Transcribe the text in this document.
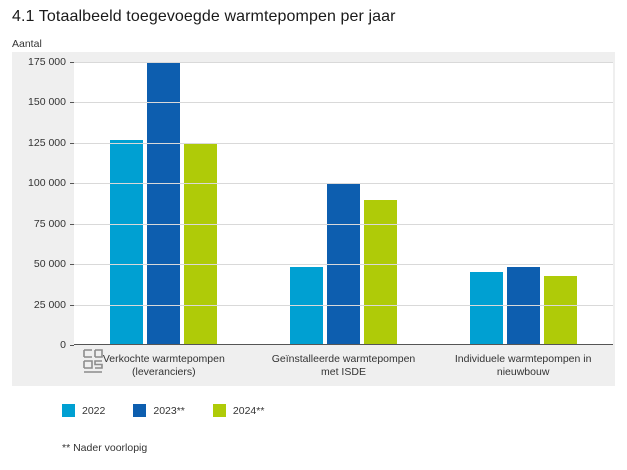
4.1 Totaalbeeld toegevoegde warmtepompen per jaar
Aantal
0
25 000
50 000
75 000
100 000
125 000
150 000
175 000
Verkochte warmtepompen
(leveranciers)
Geïnstalleerde warmtepompen
met ISDE
Individuele warmtepompen in
nieuwbouw
2022	2023**	2024**
** Nader voorlopig
